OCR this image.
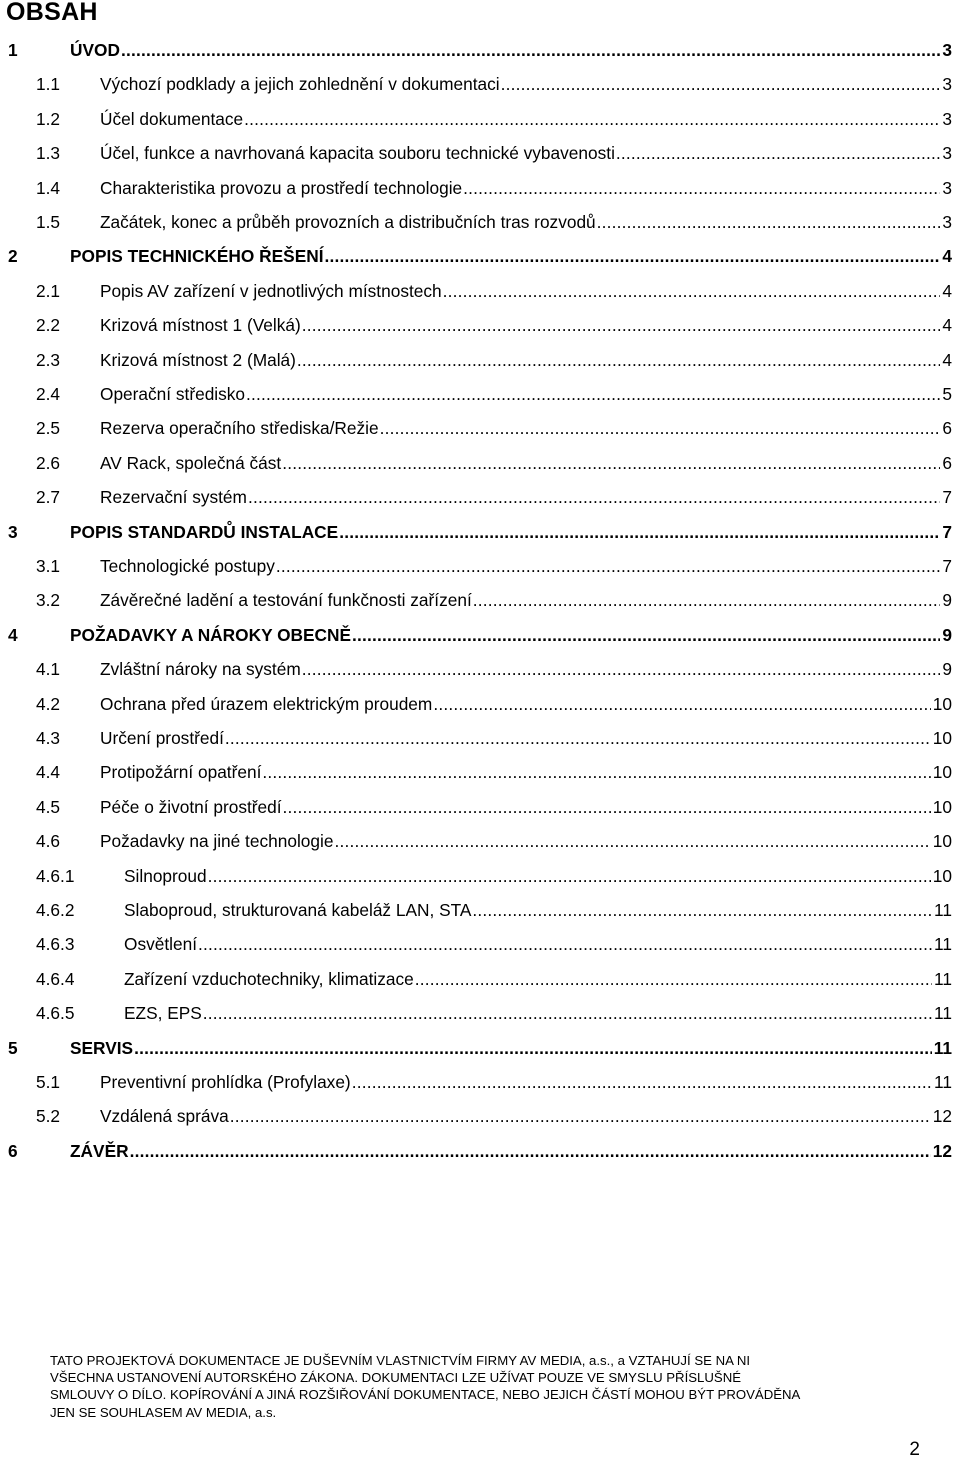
OBSAH
1	ÚVOD .....	3
1.1 Výchozí podklady a jejich zohlednění v dokumentaci .....	3
1.2 Účel dokumentace .....	3
1.3 Účel, funkce a navrhovaná kapacita souboru technické vybavenosti .....	3
1.4 Charakteristika provozu a prostředí technologie .....	3
1.5 Začátek, konec a průběh provozních a distribučních tras rozvodů .....	3
2	POPIS TECHNICKÉHO ŘEŠENÍ .....	4
2.1 Popis AV zařízení v jednotlivých místnostech .....	4
2.2 Krizová místnost 1 (Velká) .....	4
2.3 Krizová místnost 2 (Malá) .....	4
2.4 Operační středisko .....	5
2.5 Rezerva operačního střediska/Režie .....	6
2.6 AV Rack, společná část .....	6
2.7 Rezervační systém .....	7
3	POPIS STANDARDŮ INSTALACE .....	7
3.1 Technologické postupy .....	7
3.2 Závěrečné ladění a testování funkčnosti zařízení .....	9
4	POŽADAVKY A NÁROKY OBECNĚ .....	9
4.1 Zvláštní nároky na systém .....	9
4.2 Ochrana před úrazem elektrickým proudem .....	10
4.3 Určení prostředí .....	10
4.4 Protipožární opatření .....	10
4.5 Péče o životní prostředí .....	10
4.6 Požadavky na jiné technologie .....	10
4.6.1	Silnoproud .....	10
4.6.2	Slaboproud, strukturovaná kabeláž LAN, STA .....	11
4.6.3	Osvětlení .....	11
4.6.4	Zařízení vzduchotechniky, klimatizace .....	11
4.6.5	EZS, EPS .....	11
5	SERVIS .....	11
5.1 Preventivní prohlídka (Profylaxe) .....	11
5.2 Vzdálená správa .....	12
6	ZÁVĚR .....	12

TATO PROJEKTOVÁ DOKUMENTACE JE DUŠEVNÍM VLASTNICTVÍM FIRMY AV MEDIA, a.s., a VZTAHUJÍ SE NA NI

VŠECHNA USTANOVENÍ AUTORSKÉHO ZÁKONA. DOKUMENTACI LZE UŽÍVAT POUZE VE SMYSLU PŘÍSLUŠNÉ

SMLOUVY O DÍLO. KOPÍROVÁNÍ A JINÁ ROZŠIŘOVÁNÍ DOKUMENTACE, NEBO JEJICH ČÁSTÍ MOHOU BÝT PROVÁDĚNA

JEN SE SOUHLASEM AV MEDIA, a.s.

2
